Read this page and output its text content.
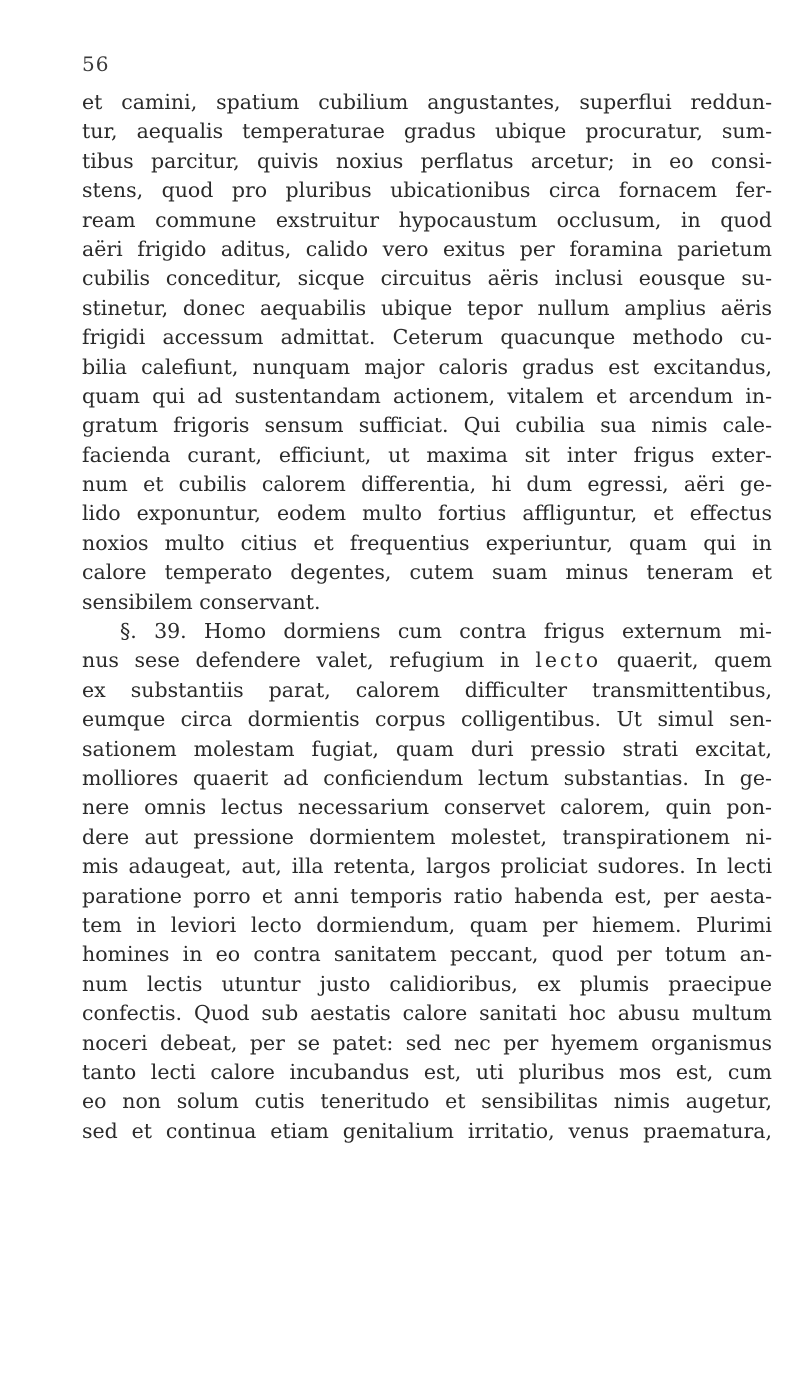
56
et camini, spatium cubilium angustantes, superflui reddun-
tur, aequalis temperaturae gradus ubique procuratur, sum-
tibus parcitur, quivis noxius perflatus arcetur; in eo consi-
stens, quod pro pluribus ubicationibus circa fornacem fer-
ream commune exstruitur hypocaustum occlusum, in quod
aëri frigido aditus, calido vero exitus per foramina parietum
cubilis conceditur, sicque circuitus aëris inclusi eousque su-
stinetur, donec aequabilis ubique tepor nullum amplius aëris
frigidi accessum admittat. Ceterum quacunque methodo cu-
bilia calefiunt, nunquam major caloris gradus est excitandus,
quam qui ad sustentandam actionem, vitalem et arcendum in-
gratum frigoris sensum sufficiat. Qui cubilia sua nimis cale-
facienda curant, efficiunt, ut maxima sit inter frigus exter-
num et cubilis calorem differentia, hi dum egressi, aëri ge-
lido exponuntur, eodem multo fortius affliguntur, et effectus
noxios multo citius et frequentius experiuntur, quam qui in
calore temperato degentes, cutem suam minus teneram et
sensibilem conservant.
§. 39. Homo dormiens cum contra frigus externum mi-
nus sese defendere valet, refugium in lecto quaerit, quem
ex substantiis parat, calorem difficulter transmittentibus,
eumque circa dormientis corpus colligentibus. Ut simul sen-
sationem molestam fugiat, quam duri pressio strati excitat,
molliores quaerit ad conficiendum lectum substantias. In ge-
nere omnis lectus necessarium conservet calorem, quin pon-
dere aut pressione dormientem molestet, transpirationem ni-
mis adaugeat, aut, illa retenta, largos proliciat sudores. In lecti
paratione porro et anni temporis ratio habenda est, per aesta-
tem in leviori lecto dormiendum, quam per hiemem. Plurimi
homines in eo contra sanitatem peccant, quod per totum an-
num lectis utuntur justo calidioribus, ex plumis praecipue
confectis. Quod sub aestatis calore sanitati hoc abusu multum
noceri debeat, per se patet: sed nec per hyemem organismus
tanto lecti calore incubandus est, uti pluribus mos est, cum
eo non solum cutis teneritudo et sensibilitas nimis augetur,
sed et continua etiam genitalium irritatio, venus praematura,
